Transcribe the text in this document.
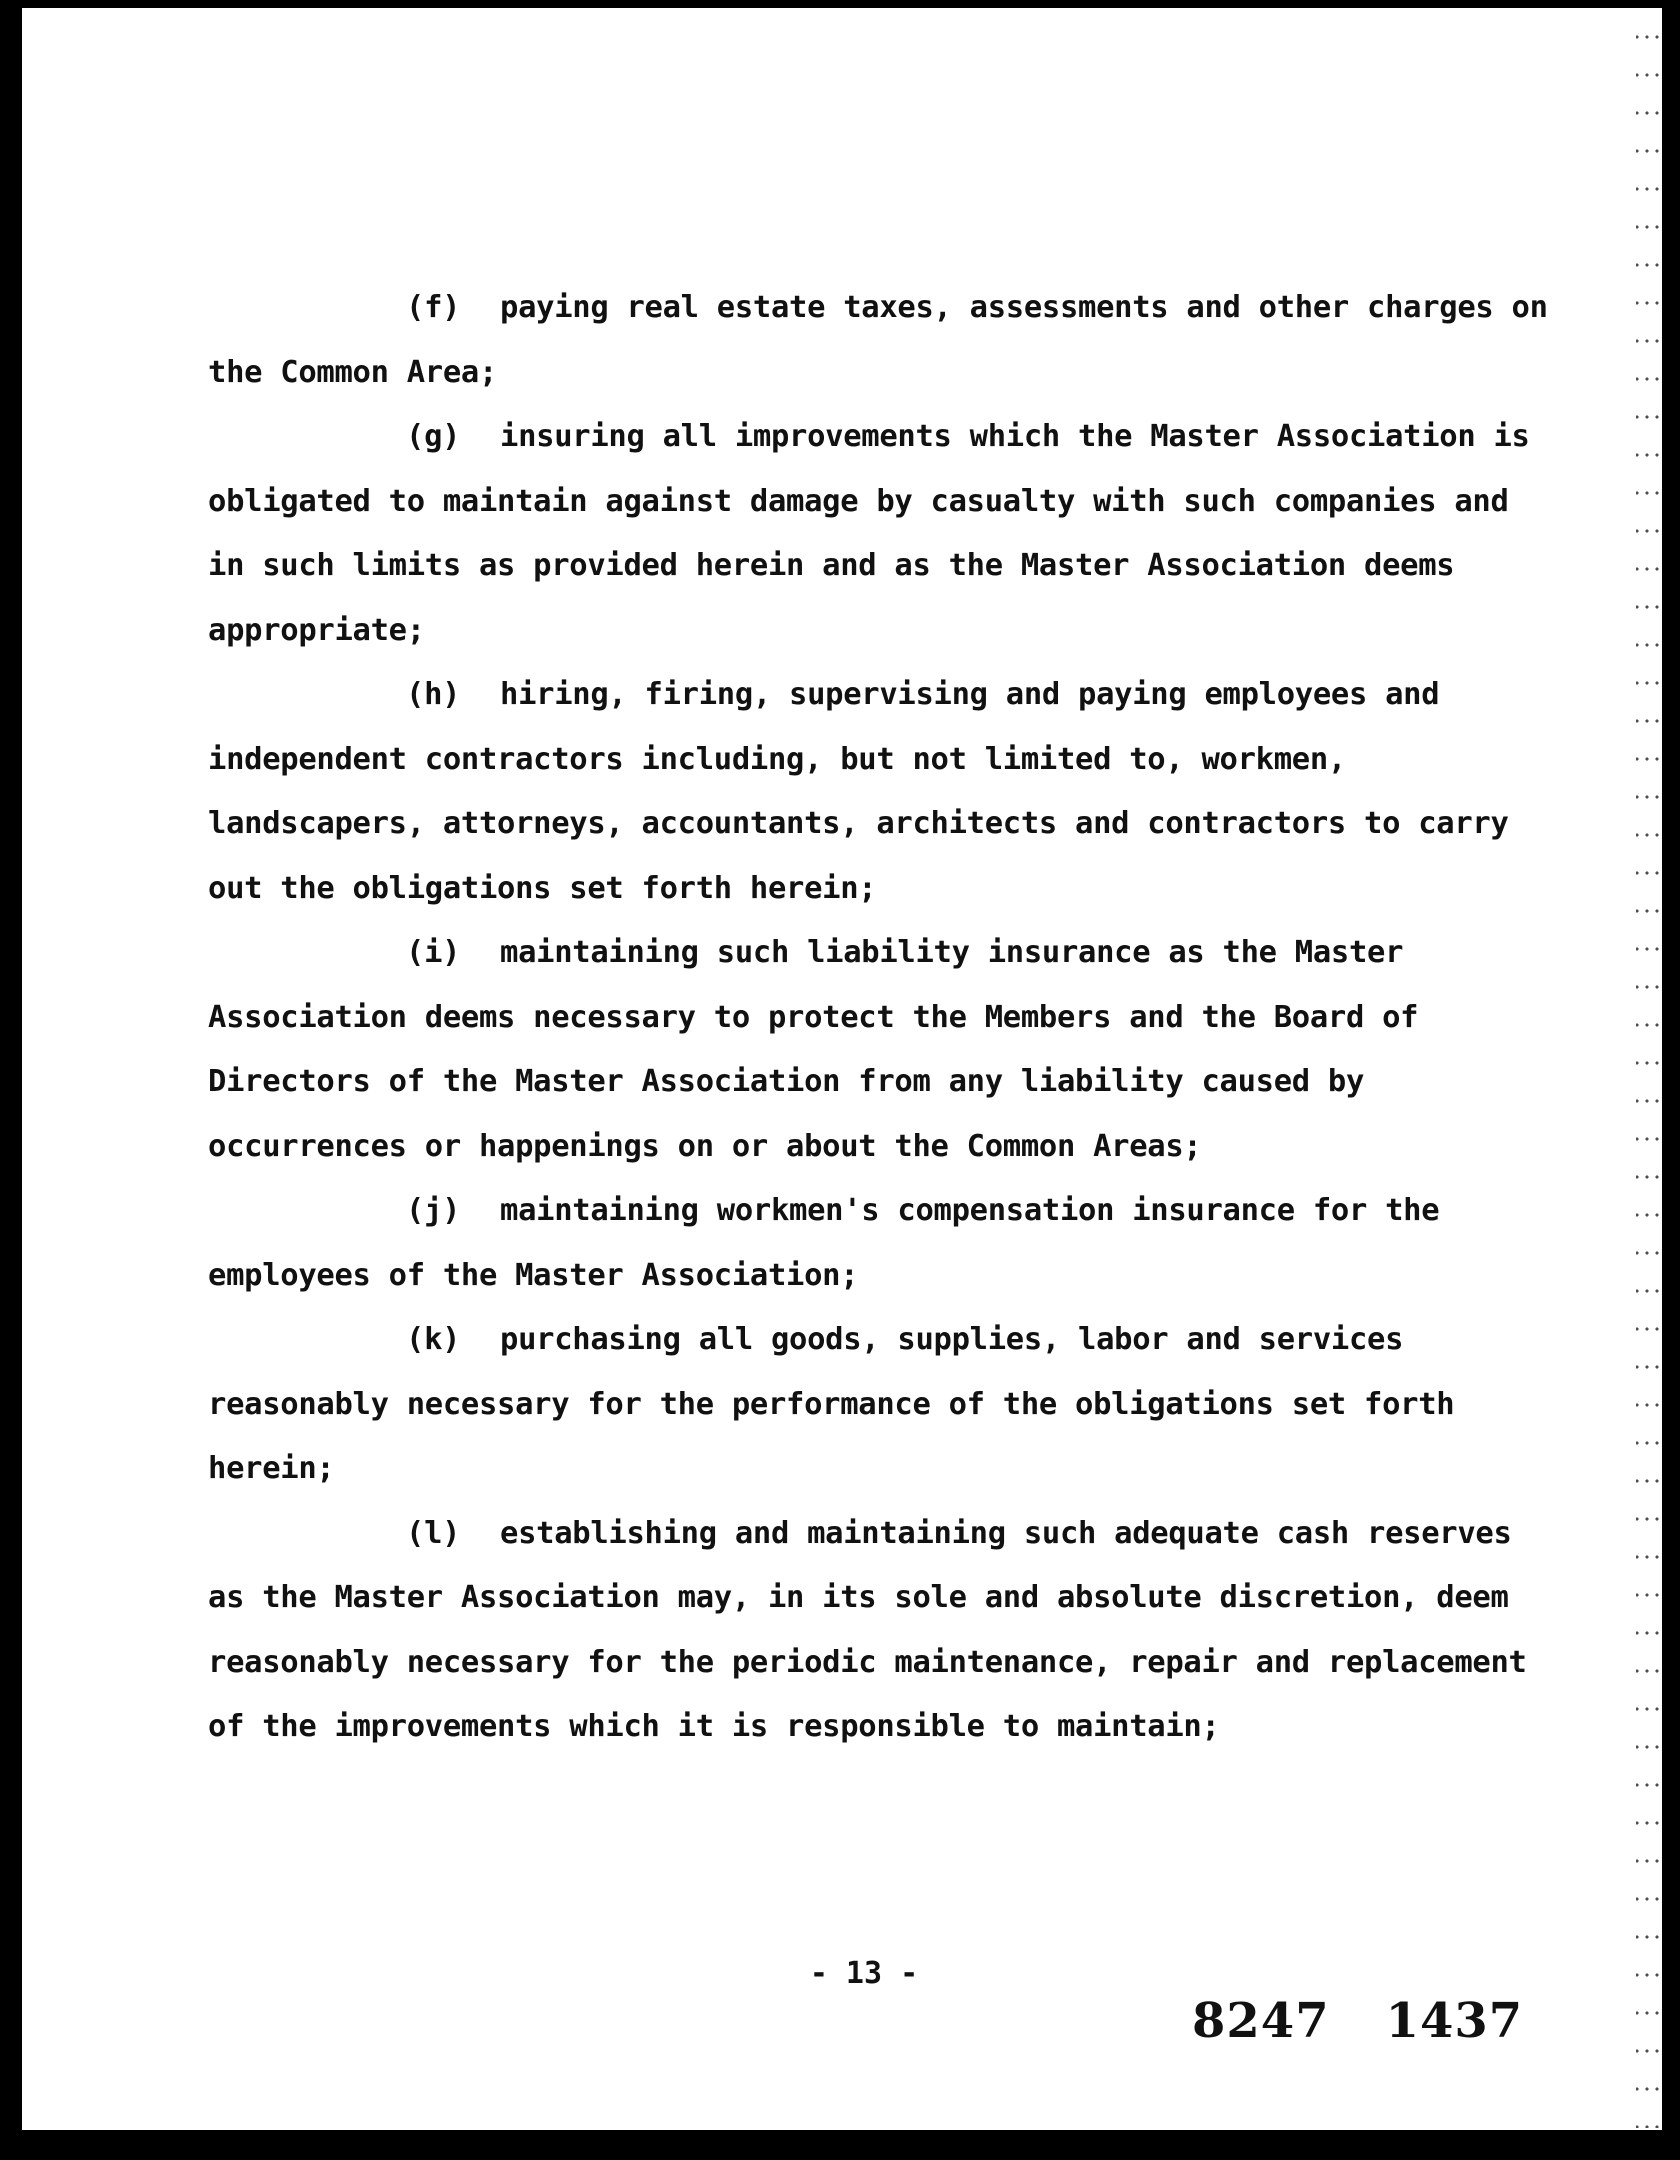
(f) paying real estate taxes, assessments and other charges on the Common Area;

(g) insuring all improvements which the Master Association is obligated to maintain against damage by casualty with such companies and in such limits as provided herein and as the Master Association deems appropriate;

(h) hiring, firing, supervising and paying employees and independent contractors including, but not limited to, workmen, landscapers, attorneys, accountants, architects and contractors to carry out the obligations set forth herein;

(i) maintaining such liability insurance as the Master Association deems necessary to protect the Members and the Board of Directors of the Master Association from any liability caused by occurrences or happenings on or about the Common Areas;

(j) maintaining workmen's compensation insurance for the employees of the Master Association;

(k) purchasing all goods, supplies, labor and services reasonably necessary for the performance of the obligations set forth herein;

(l) establishing and maintaining such adequate cash reserves as the Master Association may, in its sole and absolute discretion, deem reasonably necessary for the periodic maintenance, repair and replacement of the improvements which it is responsible to maintain;

- 13 -
8247 1437
